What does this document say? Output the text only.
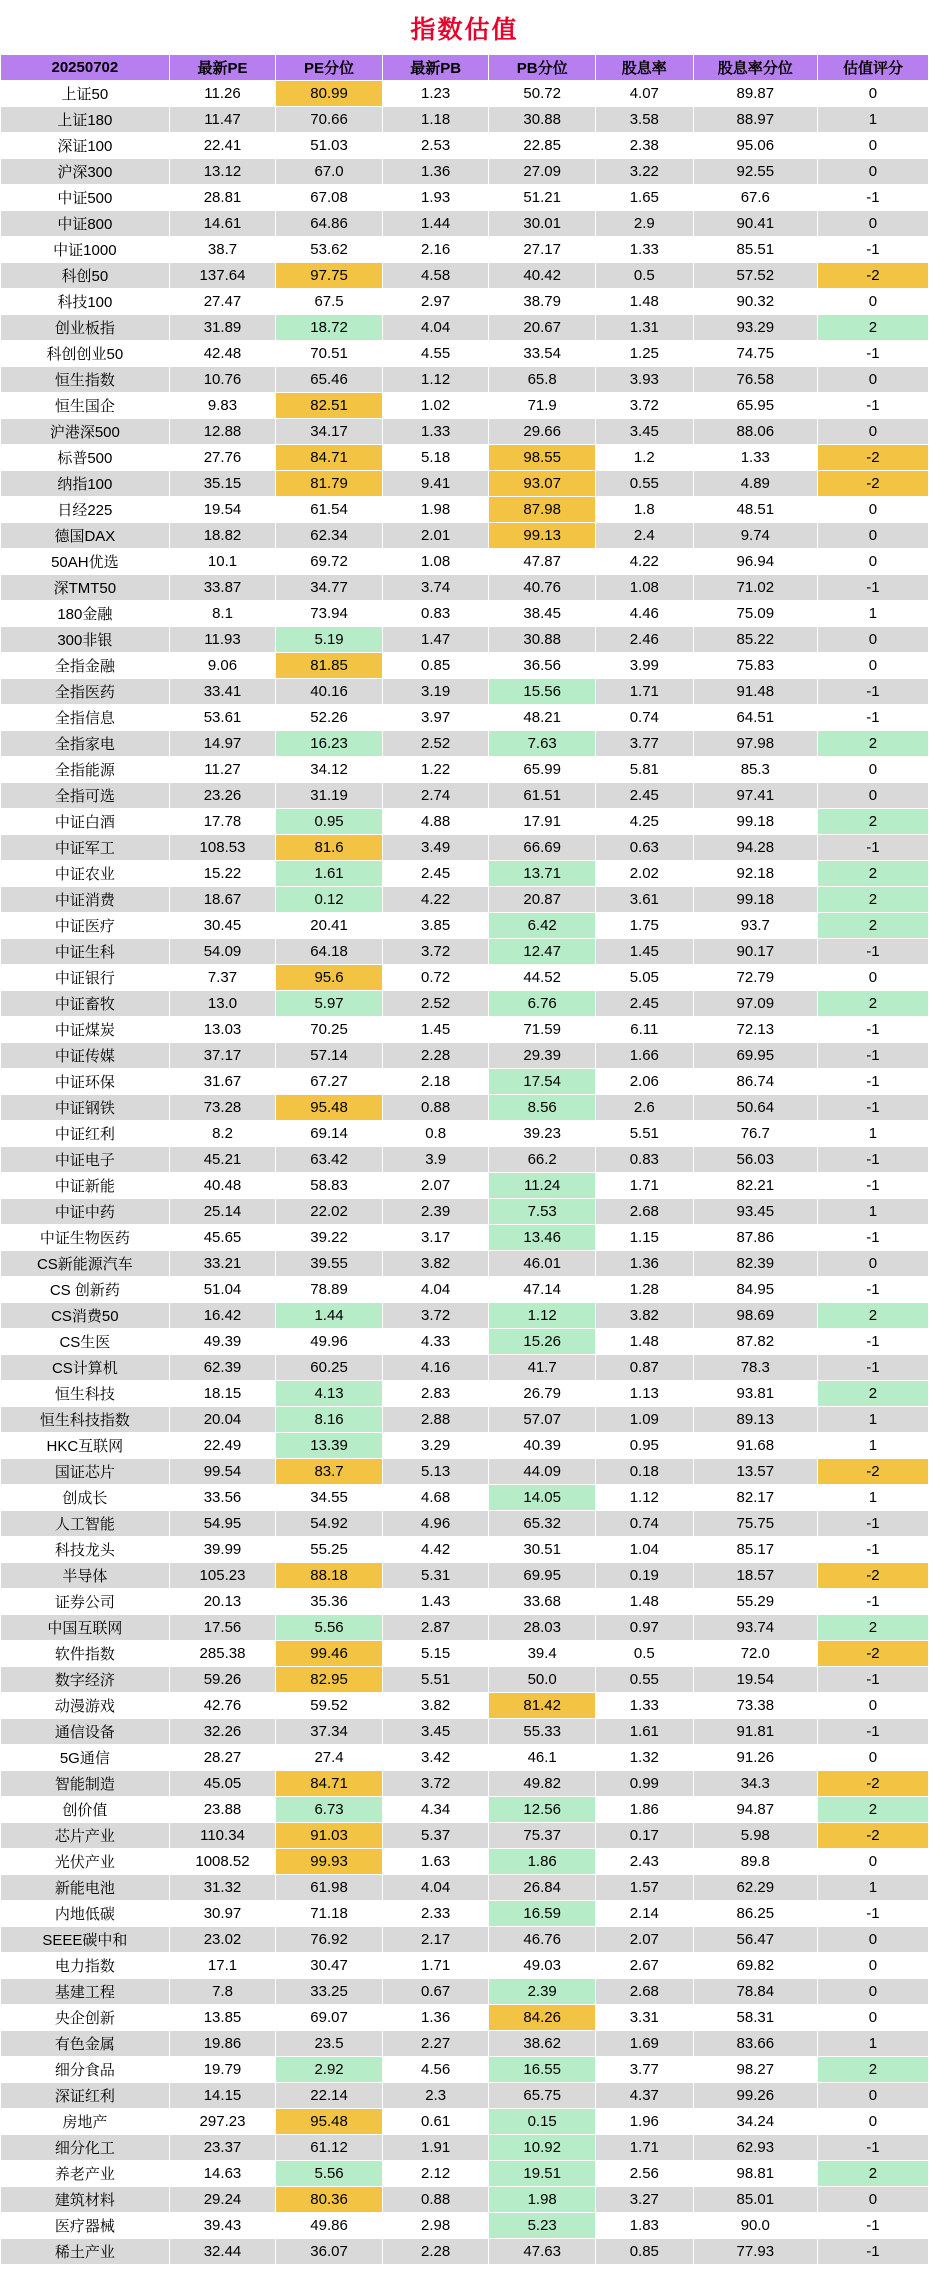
指数估值
20250702	最新PE	PE分位	最新PB	PB分位	股息率	股息率分位	估值评分
上证50	11.26	80.99	1.23	50.72	4.07	89.87	0
上证180	11.47	70.66	1.18	30.88	3.58	88.97	1
深证100	22.41	51.03	2.53	22.85	2.38	95.06	0
沪深300	13.12	67.0	1.36	27.09	3.22	92.55	0
中证500	28.81	67.08	1.93	51.21	1.65	67.6	-1
中证800	14.61	64.86	1.44	30.01	2.9	90.41	0
中证1000	38.7	53.62	2.16	27.17	1.33	85.51	-1
科创50	137.64	97.75	4.58	40.42	0.5	57.52	-2
科技100	27.47	67.5	2.97	38.79	1.48	90.32	0
创业板指	31.89	18.72	4.04	20.67	1.31	93.29	2
科创创业50	42.48	70.51	4.55	33.54	1.25	74.75	-1
恒生指数	10.76	65.46	1.12	65.8	3.93	76.58	0
恒生国企	9.83	82.51	1.02	71.9	3.72	65.95	-1
沪港深500	12.88	34.17	1.33	29.66	3.45	88.06	0
标普500	27.76	84.71	5.18	98.55	1.2	1.33	-2
纳指100	35.15	81.79	9.41	93.07	0.55	4.89	-2
日经225	19.54	61.54	1.98	87.98	1.8	48.51	0
德国DAX	18.82	62.34	2.01	99.13	2.4	9.74	0
50AH优选	10.1	69.72	1.08	47.87	4.22	96.94	0
深TMT50	33.87	34.77	3.74	40.76	1.08	71.02	-1
180金融	8.1	73.94	0.83	38.45	4.46	75.09	1
300非银	11.93	5.19	1.47	30.88	2.46	85.22	0
全指金融	9.06	81.85	0.85	36.56	3.99	75.83	0
全指医药	33.41	40.16	3.19	15.56	1.71	91.48	-1
全指信息	53.61	52.26	3.97	48.21	0.74	64.51	-1
全指家电	14.97	16.23	2.52	7.63	3.77	97.98	2
全指能源	11.27	34.12	1.22	65.99	5.81	85.3	0
全指可选	23.26	31.19	2.74	61.51	2.45	97.41	0
中证白酒	17.78	0.95	4.88	17.91	4.25	99.18	2
中证军工	108.53	81.6	3.49	66.69	0.63	94.28	-1
中证农业	15.22	1.61	2.45	13.71	2.02	92.18	2
中证消费	18.67	0.12	4.22	20.87	3.61	99.18	2
中证医疗	30.45	20.41	3.85	6.42	1.75	93.7	2
中证生科	54.09	64.18	3.72	12.47	1.45	90.17	-1
中证银行	7.37	95.6	0.72	44.52	5.05	72.79	0
中证畜牧	13.0	5.97	2.52	6.76	2.45	97.09	2
中证煤炭	13.03	70.25	1.45	71.59	6.11	72.13	-1
中证传媒	37.17	57.14	2.28	29.39	1.66	69.95	-1
中证环保	31.67	67.27	2.18	17.54	2.06	86.74	-1
中证钢铁	73.28	95.48	0.88	8.56	2.6	50.64	-1
中证红利	8.2	69.14	0.8	39.23	5.51	76.7	1
中证电子	45.21	63.42	3.9	66.2	0.83	56.03	-1
中证新能	40.48	58.83	2.07	11.24	1.71	82.21	-1
中证中药	25.14	22.02	2.39	7.53	2.68	93.45	1
中证生物医药	45.65	39.22	3.17	13.46	1.15	87.86	-1
CS新能源汽车	33.21	39.55	3.82	46.01	1.36	82.39	0
CS 创新药	51.04	78.89	4.04	47.14	1.28	84.95	-1
CS消费50	16.42	1.44	3.72	1.12	3.82	98.69	2
CS生医	49.39	49.96	4.33	15.26	1.48	87.82	-1
CS计算机	62.39	60.25	4.16	41.7	0.87	78.3	-1
恒生科技	18.15	4.13	2.83	26.79	1.13	93.81	2
恒生科技指数	20.04	8.16	2.88	57.07	1.09	89.13	1
HKC互联网	22.49	13.39	3.29	40.39	0.95	91.68	1
国证芯片	99.54	83.7	5.13	44.09	0.18	13.57	-2
创成长	33.56	34.55	4.68	14.05	1.12	82.17	1
人工智能	54.95	54.92	4.96	65.32	0.74	75.75	-1
科技龙头	39.99	55.25	4.42	30.51	1.04	85.17	-1
半导体	105.23	88.18	5.31	69.95	0.19	18.57	-2
证券公司	20.13	35.36	1.43	33.68	1.48	55.29	-1
中国互联网	17.56	5.56	2.87	28.03	0.97	93.74	2
软件指数	285.38	99.46	5.15	39.4	0.5	72.0	-2
数字经济	59.26	82.95	5.51	50.0	0.55	19.54	-1
动漫游戏	42.76	59.52	3.82	81.42	1.33	73.38	0
通信设备	32.26	37.34	3.45	55.33	1.61	91.81	-1
5G通信	28.27	27.4	3.42	46.1	1.32	91.26	0
智能制造	45.05	84.71	3.72	49.82	0.99	34.3	-2
创价值	23.88	6.73	4.34	12.56	1.86	94.87	2
芯片产业	110.34	91.03	5.37	75.37	0.17	5.98	-2
光伏产业	1008.52	99.93	1.63	1.86	2.43	89.8	0
新能电池	31.32	61.98	4.04	26.84	1.57	62.29	1
内地低碳	30.97	71.18	2.33	16.59	2.14	86.25	-1
SEEE碳中和	23.02	76.92	2.17	46.76	2.07	56.47	0
电力指数	17.1	30.47	1.71	49.03	2.67	69.82	0
基建工程	7.8	33.25	0.67	2.39	2.68	78.84	0
央企创新	13.85	69.07	1.36	84.26	3.31	58.31	0
有色金属	19.86	23.5	2.27	38.62	1.69	83.66	1
细分食品	19.79	2.92	4.56	16.55	3.77	98.27	2
深证红利	14.15	22.14	2.3	65.75	4.37	99.26	0
房地产	297.23	95.48	0.61	0.15	1.96	34.24	0
细分化工	23.37	61.12	1.91	10.92	1.71	62.93	-1
养老产业	14.63	5.56	2.12	19.51	2.56	98.81	2
建筑材料	29.24	80.36	0.88	1.98	3.27	85.01	0
医疗器械	39.43	49.86	2.98	5.23	1.83	90.0	-1
稀土产业	32.44	36.07	2.28	47.63	0.85	77.93	-1
